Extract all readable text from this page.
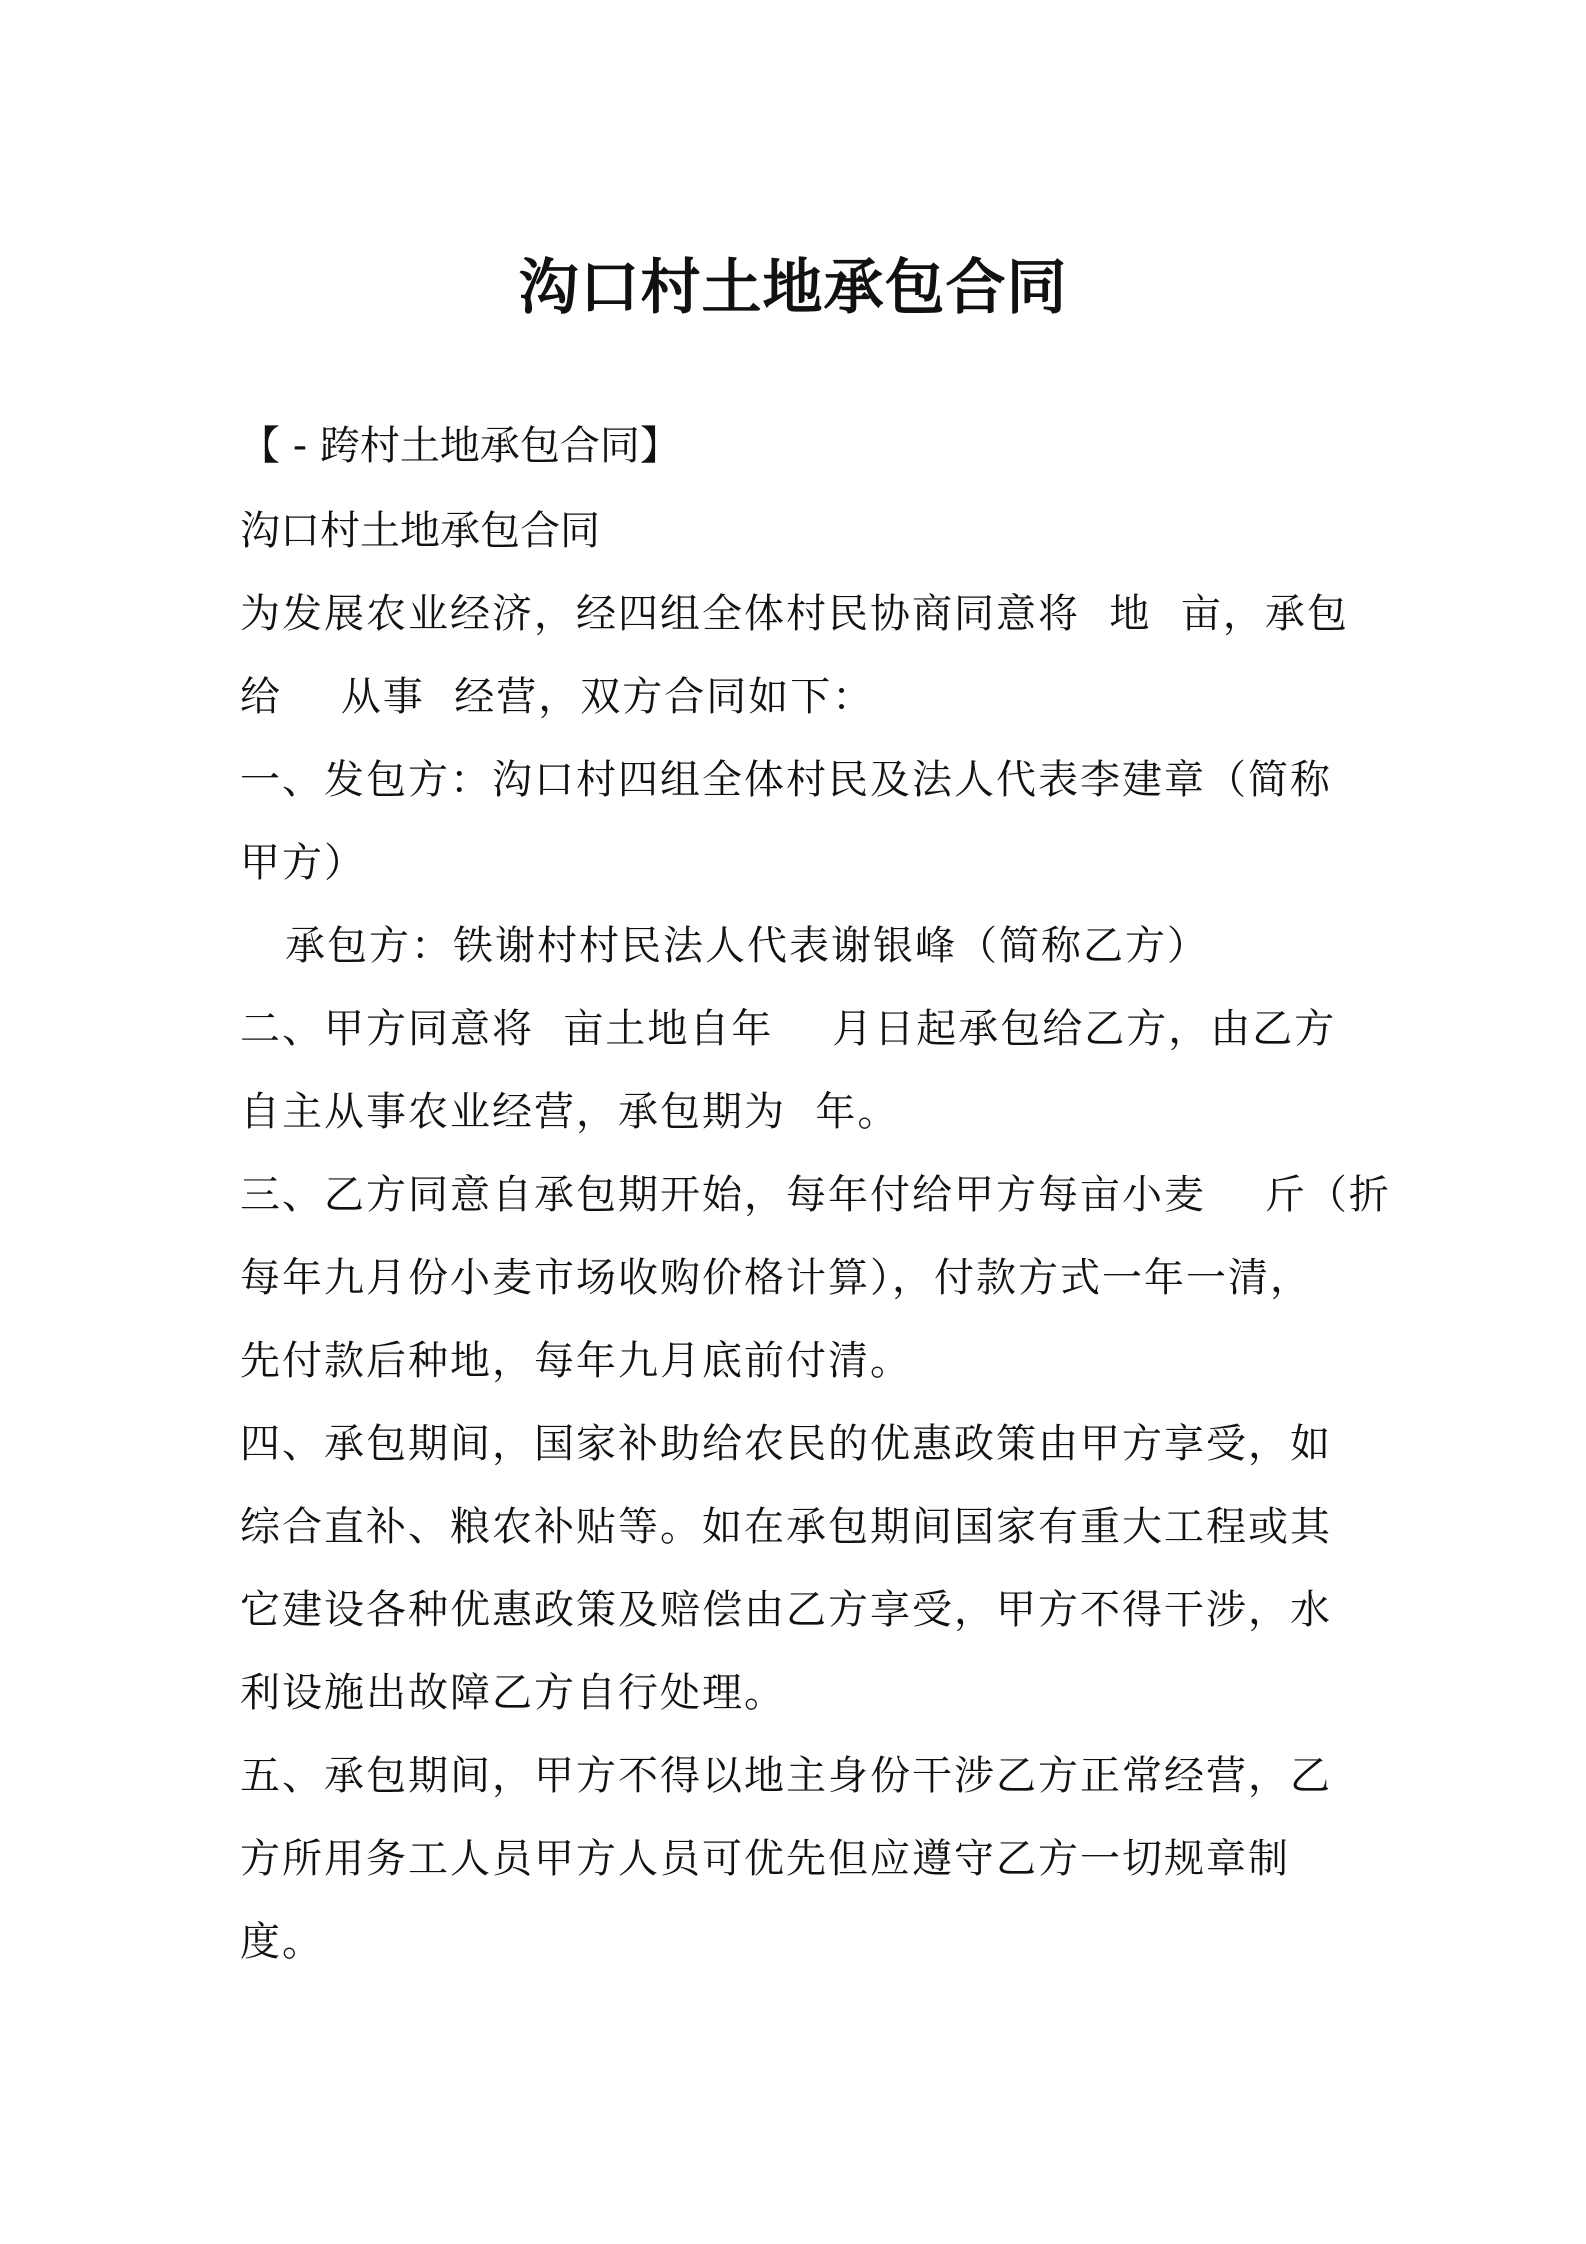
沟口村土地承包合同
【 - 跨村土地承包合同】
沟口村土地承包合同
为发展农业经济，经四组全体村民协商同意将  地  亩，承包
给    从事  经营，双方合同如下：
一、发包方：沟口村四组全体村民及法人代表李建章（简称
甲方）
承包方：铁谢村村民法人代表谢银峰（简称乙方）
二、甲方同意将  亩土地自年    月日起承包给乙方，由乙方
自主从事农业经营，承包期为  年。
三、乙方同意自承包期开始，每年付给甲方每亩小麦    斤（折
每年九月份小麦市场收购价格计算），付款方式一年一清，
先付款后种地，每年九月底前付清。
四、承包期间，国家补助给农民的优惠政策由甲方享受，如
综合直补、粮农补贴等。如在承包期间国家有重大工程或其
它建设各种优惠政策及赔偿由乙方享受，甲方不得干涉，水
利设施出故障乙方自行处理。
五、承包期间，甲方不得以地主身份干涉乙方正常经营，乙
方所用务工人员甲方人员可优先但应遵守乙方一切规章制
度。
